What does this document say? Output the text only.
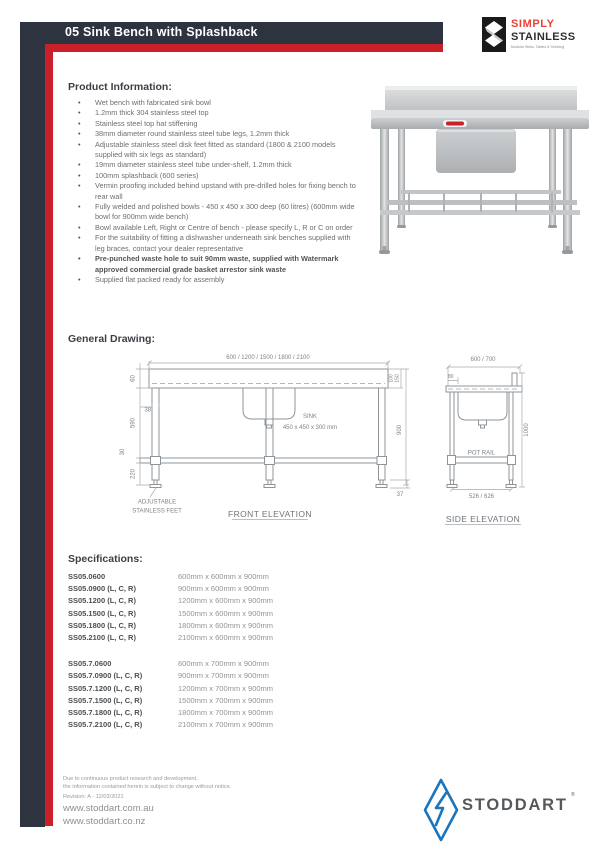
05 Sink Bench with Splashback
SIMPLY
STAINLESS
Modular Sinks, Tables & Shelving
Product Information:
• Wet bench with fabricated sink bowl
• 1.2mm thick 304 stainless steel top
• Stainless steel top hat stiffening
• 38mm diameter round stainless steel tube legs, 1.2mm thick
• Adjustable stainless steel disk feet fitted as standard (1800 & 2100 models supplied with six legs as standard)
• 19mm diameter stainless steel tube under-shelf, 1.2mm thick
• 100mm splashback (600 series)
• Vermin proofing included behind upstand with pre-drilled holes for fixing bench to rear wall
• Fully welded and polished bowls - 450 x 450 x 300 deep (60 litres) (600mm wide bowl for 900mm wide bench)
• Bowl available Left, Right or Centre of bench - please specify L, R or C on order
• For the suitability of fitting a dishwasher underneath sink benches supplied with leg braces, contact your dealer representative
• Pre-punched waste hole to suit 90mm waste, supplied with Watermark approved commercial grade basket arrestor sink waste
• Supplied flat packed ready for assembly
General Drawing:
600 / 1200 / 1500 / 1800 / 2100
60
590
30
220
38
SINK
450 x 450 x 300 mm
100 150
900
37
ADJUSTABLE
STAINLESS FEET	FRONT ELEVATION
600 / 700
80
POT RAIL
526 / 626
1000
SIDE ELEVATION
Specifications:
SS05.0600	600mm x 600mm x 900mm
SS05.0900 (L, C, R)	900mm x 600mm x 900mm
SS05.1200 (L, C, R)	1200mm x 600mm x 900mm
SS05.1500 (L, C, R)	1500mm x 600mm x 900mm
SS05.1800 (L, C, R)	1800mm x 600mm x 900mm
SS05.2100 (L, C, R)	2100mm x 600mm x 900mm
SS05.7.0600	600mm x 700mm x 900mm
SS05.7.0900 (L, C, R)	900mm x 700mm x 900mm
SS05.7.1200 (L, C, R)	1200mm x 700mm x 900mm
SS05.7.1500 (L, C, R)	1500mm x 700mm x 900mm
SS05.7.1800 (L, C, R)	1800mm x 700mm x 900mm
SS05.7.2100 (L, C, R)	2100mm x 700mm x 900mm
Due to continuous product research and development,
the information contained herein is subject to change without notice.
Revision: A - 12/03/2021
www.stoddart.com.au
www.stoddart.co.nz
STODDART
®
